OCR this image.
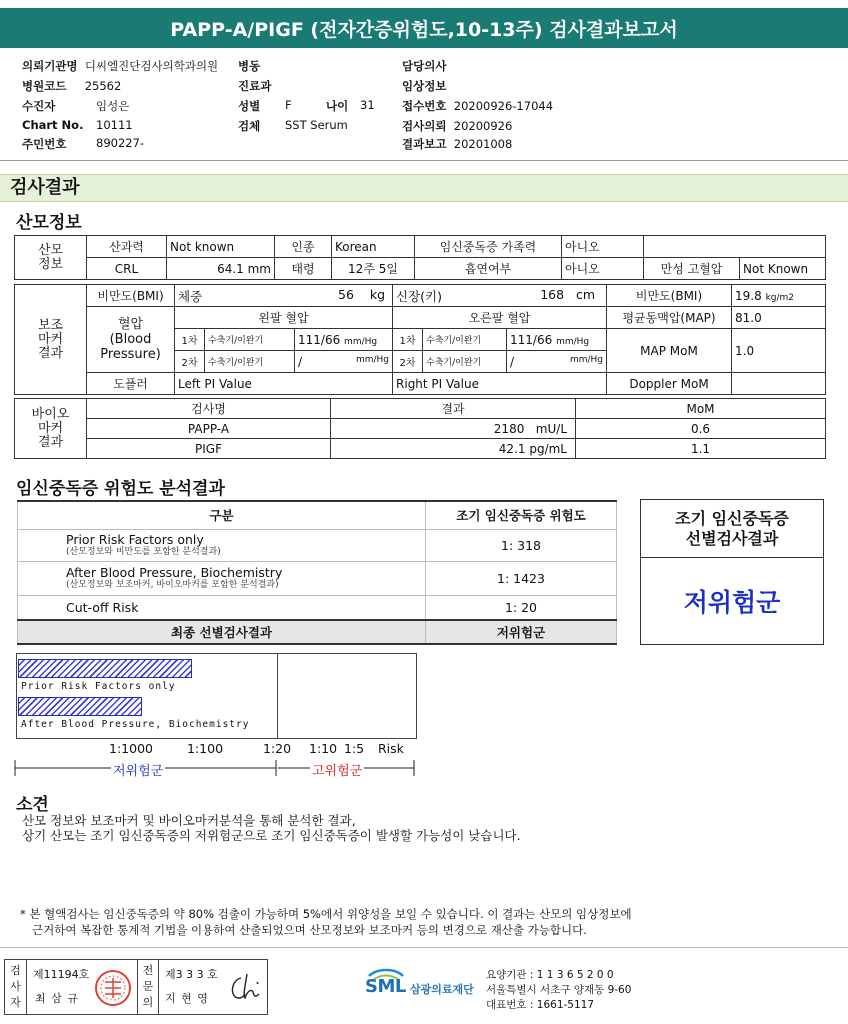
PAPP-A/PIGF (전자간증위험도,10-13주) 검사결과보고서
의뢰기관명 디씨엘진단검사의학과의원 병동	담당의사
병원코드 25562	진료과	임상정보
수진자	임성은	성별 F	나이 31 접수번호 20200926-17044
Chart No. 10111	검체 SST Serum	검사의뢰 20200926
주민번호	890227-	결과보고 20201008
검사결과
산모정보
산모
정보	산과력	Not known	인종	Korean	임신중독증 가족력	아니오		
	CRL	64.1 mm	태령	12주 5일	흡연여부	아니오	만성 고혈압	Not Known
보조
마커
결과	비만도(BMI)	체중 56 kg			신장(키) 168 cm			비만도(BMI)	19.8 kg/m2
	혈압
(Blood
Pressure)	왼팔 혈압			오른팔 혈압			평균동맥압(MAP)	81.0
		1차	수축기/이완기	111/66 mm/Hg	1차	수축기/이완기	111/66 mm/Hg	MAP MoM	1.0
		2차	수축기/이완기	/ mm/Hg	2차	수축기/이완기	/ mm/Hg		

	도플러	Left PI Value			Right PI Value			Doppler MoM	
바이오
마커
결과	검사명	결과	MoM
	PAPP-A	2180 mU/L	0.6
	PIGF	42.1 pg/mL	1.1
임신중독증 위험도 분석결과
구분	조기 임신중독증 위험도
Prior Risk Factors only
(산모정보와 비만도를 포함한 분석결과)	1: 318
After Blood Pressure, Biochemistry
(산모정보와 보조마커, 바이오마커를 포함한 분석결과)	1: 1423
Cut-off Risk	1: 20
최종 선별검사결과	저위험군
조기 임신중독증
선별검사결과
저위험군
Prior Risk Factors only
After Blood Pressure, Biochemistry
1:1000	1:100	1:20 1:10 1:5 Risk
저위험군	고위험군
소견
산모 정보와 보조마커 및 바이오마커분석을 통해 분석한 결과,
상기 산모는 조기 임신중독증의 저위험군으로 조기 임신중독증이 발생할 가능성이 낮습니다.
* 본 혈액검사는 임신중독증의 약 80% 검출이 가능하며 5%에서 위양성을 보일 수 있습니다. 이 결과는 산모의 임상정보에
근거하여 복잡한 통계적 기법을 이용하여 산출되었으며 산모정보와 보조마커 등의 변경으로 재산출 가능합니다.
검
사
자
제11194호
최 삼 규
전
문
의
제3 3 3 호
지 현 영
SML 삼광의료재단
요양기관 : 1 1 3 6 5 2 0 0
서울특별시 서초구 양재동 9-60
대표번호 : 1661-5117
